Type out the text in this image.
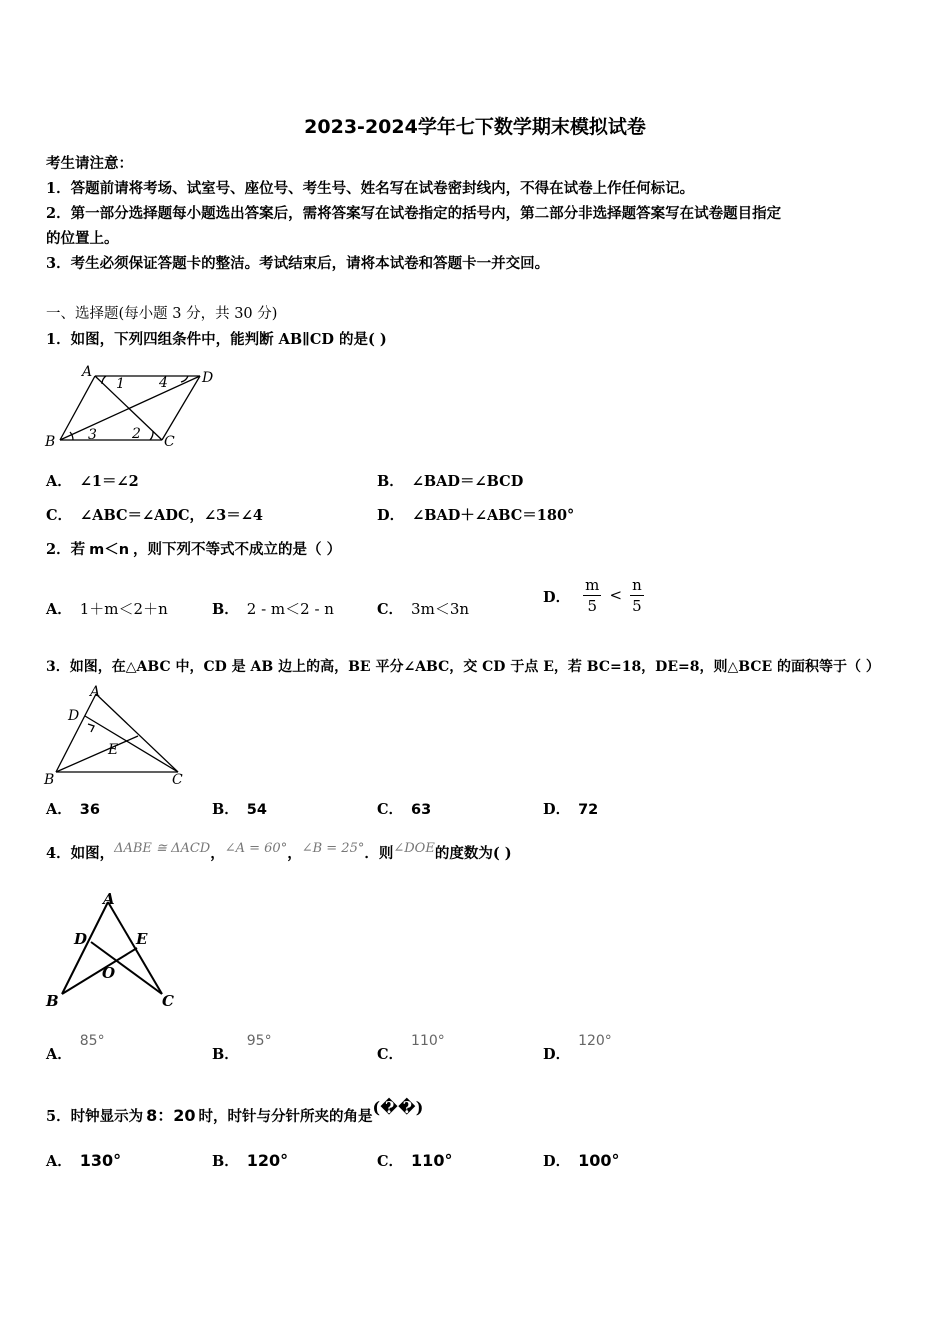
2023-2024学年七下数学期末模拟试卷
考生请注意：
1．答题前请将考场、试室号、座位号、考生号、姓名写在试卷密封线内，不得在试卷上作任何标记。
2．第一部分选择题每小题选出答案后，需将答案写在试卷指定的括号内，第二部分非选择题答案写在试卷题目指定
的位置上。
3．考生必须保证答题卡的整洁。考试结束后，请将本试卷和答题卡一并交回。
一、选择题(每小题 3 分，共 30 分)
1．如图，下列四组条件中，能判断 AB∥CD 的是( )
A	D
B	C
1 4
3	2
A． ∠1＝∠2	B． ∠BAD＝∠BCD
C． ∠ABC＝∠ADC，∠3＝∠4	D． ∠BAD＋∠ABC＝180°
2．若 m＜n ，则下列不等式不成立的是（ ）
A． 1＋m＜2＋n	B． 2 - m＜2 - n	C． 3m＜3n
D． $\frac{m}{5} < \frac{n}{5}$
3．如图，在△ABC 中，CD 是 AB 边上的高，BE 平分∠ABC，交 CD 于点 E，若 BC=18，DE=8，则△BCE 的面积等于（ ）
A
D
E
B	C
A． 36	B． 54	C． 63	D． 72
4．如图，ΔABE ≅ ΔACD，∠A = 60°，∠B = 25°．则∠DOE的度数为( )
A
D	E
O
B	C
A．85°
B．95°
C．110°
D．120°
5．时钟显示为 8：20 时，时针与分针所夹的角是(��)
A． 130°	B． 120°	C． 110°	D． 100°
